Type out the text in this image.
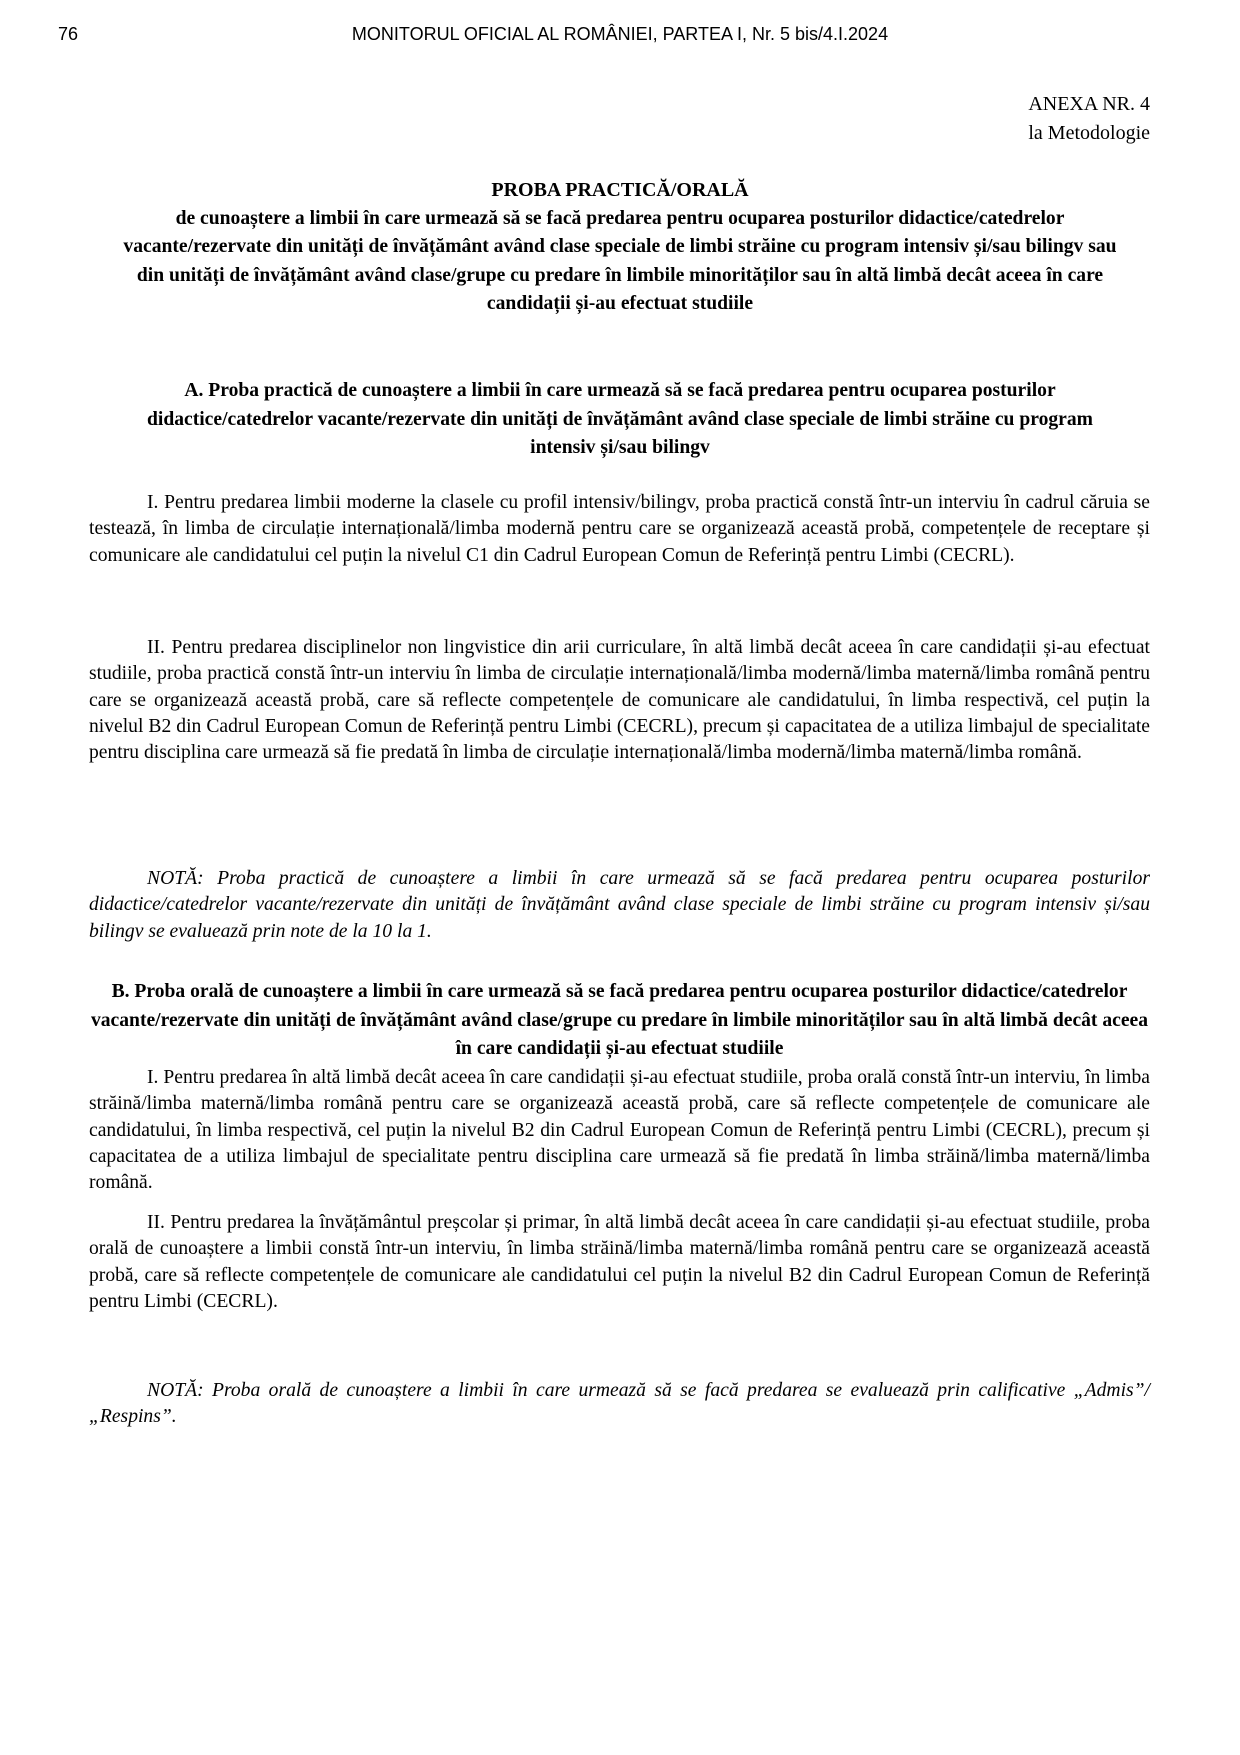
76	MONITORUL OFICIAL AL ROMÂNIEI, PARTEA I, Nr. 5 bis/4.I.2024
ANEXA NR. 4
la Metodologie
PROBA PRACTICĂ/ORALĂ
de cunoaștere a limbii în care urmează să se facă predarea pentru ocuparea posturilor didactice/catedrelor vacante/rezervate din unități de învățământ având clase speciale de limbi străine cu program intensiv și/sau bilingv sau din unități de învățământ având clase/grupe cu predare în limbile minorităților sau în altă limbă decât aceea în care candidații și-au efectuat studiile
A. Proba practică de cunoaștere a limbii în care urmează să se facă predarea pentru ocuparea posturilor didactice/catedrelor vacante/rezervate din unități de învățământ având clase speciale de limbi străine cu program intensiv și/sau bilingv
I. Pentru predarea limbii moderne la clasele cu profil intensiv/bilingv, proba practică constă într-un interviu în cadrul căruia se testează, în limba de circulație internațională/limba modernă pentru care se organizează această probă, competențele de receptare și comunicare ale candidatului cel puțin la nivelul C1 din Cadrul European Comun de Referință pentru Limbi (CECRL).
II. Pentru predarea disciplinelor non lingvistice din arii curriculare, în altă limbă decât aceea în care candidații și-au efectuat studiile, proba practică constă într-un interviu în limba de circulație internațională/limba modernă/limba maternă/limba română pentru care se organizează această probă, care să reflecte competențele de comunicare ale candidatului, în limba respectivă, cel puțin la nivelul B2 din Cadrul European Comun de Referință pentru Limbi (CECRL), precum și capacitatea de a utiliza limbajul de specialitate pentru disciplina care urmează să fie predată în limba de circulație internațională/limba modernă/limba maternă/limba română.
NOTĂ: Proba practică de cunoaștere a limbii în care urmează să se facă predarea pentru ocuparea posturilor didactice/catedrelor vacante/rezervate din unități de învățământ având clase speciale de limbi străine cu program intensiv și/sau bilingv se evaluează prin note de la 10 la 1.
B. Proba orală de cunoaștere a limbii în care urmează să se facă predarea pentru ocuparea posturilor didactice/catedrelor vacante/rezervate din unități de învățământ având clase/grupe cu predare în limbile minorităților sau în altă limbă decât aceea în care candidații și-au efectuat studiile
I. Pentru predarea în altă limbă decât aceea în care candidații și-au efectuat studiile, proba orală constă într-un interviu, în limba străină/limba maternă/limba română pentru care se organizează această probă, care să reflecte competențele de comunicare ale candidatului, în limba respectivă, cel puțin la nivelul B2 din Cadrul European Comun de Referință pentru Limbi (CECRL), precum și capacitatea de a utiliza limbajul de specialitate pentru disciplina care urmează să fie predată în limba străină/limba maternă/limba română.
II. Pentru predarea la învățământul preșcolar și primar, în altă limbă decât aceea în care candidații și-au efectuat studiile, proba orală de cunoaștere a limbii constă într-un interviu, în limba străină/limba maternă/limba română pentru care se organizează această probă, care să reflecte competențele de comunicare ale candidatului cel puțin la nivelul B2 din Cadrul European Comun de Referință pentru Limbi (CECRL).
NOTĂ: Proba orală de cunoaștere a limbii în care urmează să se facă predarea se evaluează prin calificative „Admis”/„Respins”.
